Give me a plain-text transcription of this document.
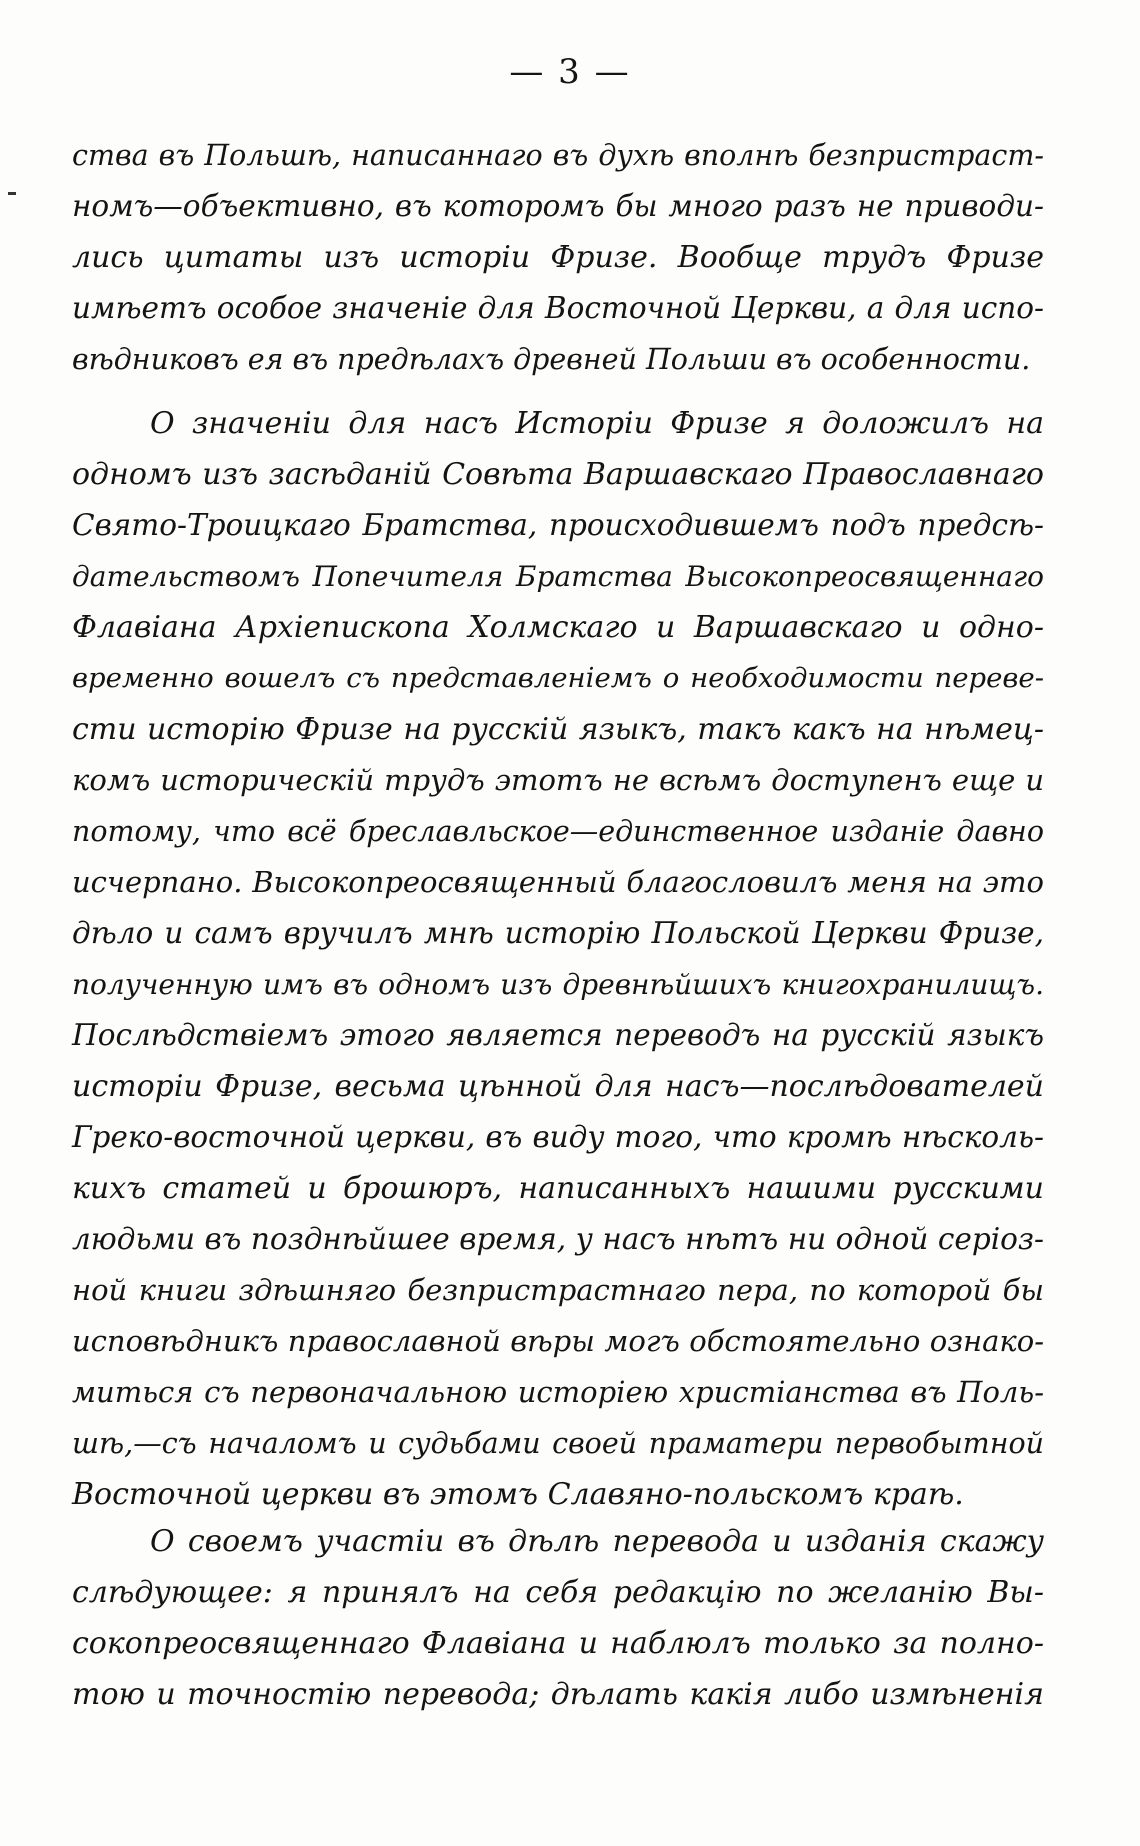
— 3 —
ства въ Польшѣ, написаннаго въ духѣ вполнѣ безпристраст-
номъ—объективно, въ которомъ бы много разъ не приводи-
лись цитаты изъ исторіи Фризе. Вообще трудъ Фризе
имѣетъ особое значеніе для Восточной Церкви, а для испо-
вѣдниковъ ея въ предѣлахъ древней Польши въ особенности.
О значеніи для насъ Исторіи Фризе я доложилъ на
одномъ изъ засѣданій Совѣта Варшавскаго Православнаго
Свято-Троицкаго Братства, происходившемъ подъ предсѣ-
дательствомъ Попечителя Братства Высокопреосвященнаго
Флавіана Архіепископа Холмскаго и Варшавскаго и одно-
временно вошелъ съ представленіемъ о необходимости переве-
сти исторію Фризе на русскій языкъ, такъ какъ на нѣмец-
комъ историческій трудъ этотъ не всѣмъ доступенъ еще и
потому, что всё бреславльское—единственное изданіе давно
исчерпано. Высокопреосвященный благословилъ меня на это
дѣло и самъ вручилъ мнѣ исторію Польской Церкви Фризе,
полученную имъ въ одномъ изъ древнѣйшихъ книгохранилищъ.
Послѣдствіемъ этого является переводъ на русскій языкъ
исторіи Фризе, весьма цѣнной для насъ—послѣдователей
Греко-восточной церкви, въ виду того, что кромѣ нѣсколь-
кихъ статей и брошюръ, написанныхъ нашими русскими
людьми въ позднѣйшее время, у насъ нѣтъ ни одной серіоз-
ной книги здѣшняго безпристрастнаго пера, по которой бы
исповѣдникъ православной вѣры могъ обстоятельно ознако-
миться съ первоначальною исторіею христіанства въ Поль-
шѣ,—съ началомъ и судьбами своей праматери первобытной
Восточной церкви въ этомъ Славяно-польскомъ краѣ.
О своемъ участіи въ дѣлѣ перевода и изданія скажу
слѣдующее: я принялъ на себя редакцію по желанію Вы-
сокопреосвященнаго Флавіана и наблюлъ только за полно-
тою и точностію перевода; дѣлать какія либо измѣненія
